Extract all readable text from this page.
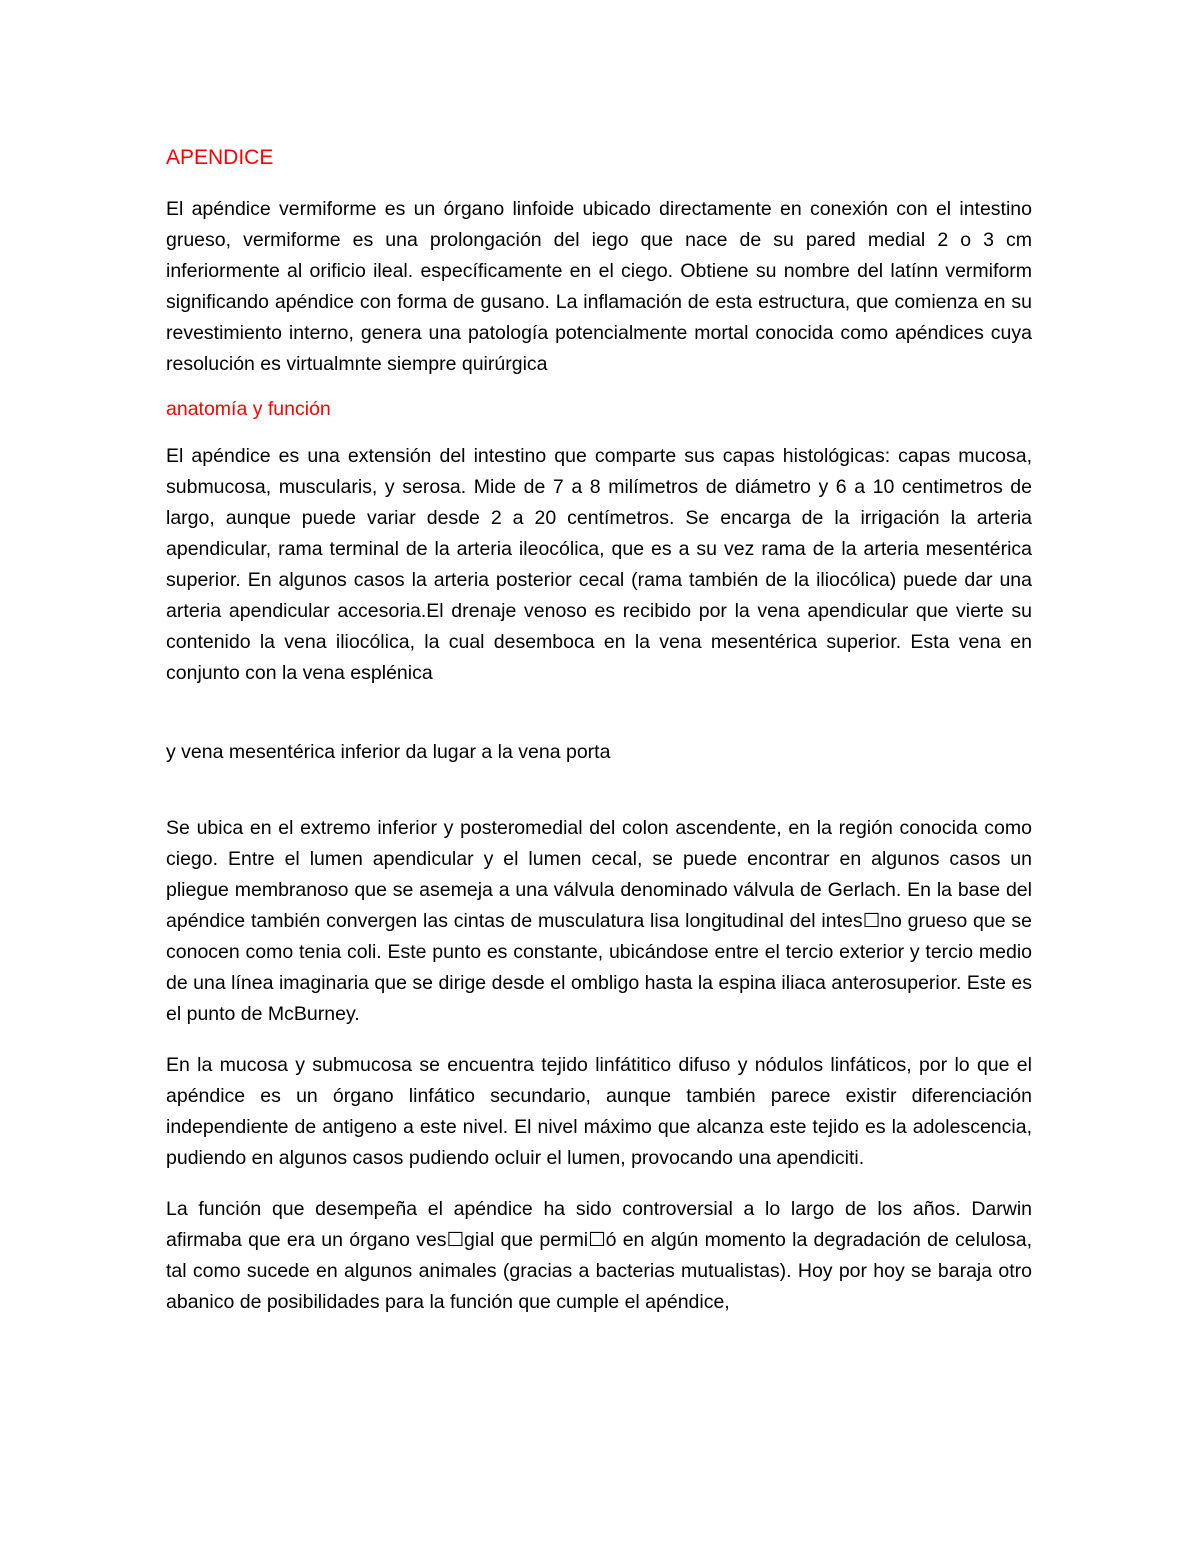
APENDICE

El apéndice vermiforme es un órgano linfoide ubicado directamente en conexión con el intestino grueso, vermiforme es una prolongación del iego que nace de su pared medial 2 o 3 cm inferiormente al orificio ileal. específicamente en el ciego. Obtiene su nombre del latínn vermiform significando apéndice con forma de gusano. La inflamación de esta estructura, que comienza en su revestimiento interno, genera una patología potencialmente mortal conocida como apéndices cuya resolución es virtualmnte siempre quirúrgica

anatomía y función

El apéndice es una extensión del intestino que comparte sus capas histológicas: capas mucosa, submucosa, muscularis, y serosa. Mide de 7 a 8 milímetros de diámetro y 6 a 10 centimetros de largo, aunque puede variar desde 2 a 20 centímetros. Se encarga de la irrigación la arteria apendicular, rama terminal de la arteria ileocólica, que es a su vez rama de la arteria mesentérica superior. En algunos casos la arteria posterior cecal (rama también de la iliocólica) puede dar una arteria apendicular accesoria.El drenaje venoso es recibido por la vena apendicular que vierte su contenido la vena iliocólica, la cual desemboca en la vena mesentérica superior. Esta vena en conjunto con la vena esplénica

y vena mesentérica inferior da lugar a la vena porta

Se ubica en el extremo inferior y posteromedial del colon ascendente, en la región conocida como ciego. Entre el lumen apendicular y el lumen cecal, se puede encontrar en algunos casos un pliegue membranoso que se asemeja a una válvula denominado válvula de Gerlach. En la base del apéndice también convergen las cintas de musculatura lisa longitudinal del intes☐no grueso que se conocen como tenia coli. Este punto es constante, ubicándose entre el tercio exterior y tercio medio de una línea imaginaria que se dirige desde el ombligo hasta la espina iliaca anterosuperior. Este es el punto de McBurney.

En la mucosa y submucosa se encuentra tejido linfátitico difuso y nódulos linfáticos, por lo que el apéndice es un órgano linfático secundario, aunque también parece existir diferenciación independiente de antigeno a este nivel. El nivel máximo que alcanza este tejido es la adolescencia, pudiendo en algunos casos pudiendo ocluir el lumen, provocando una apendiciti.

La función que desempeña el apéndice ha sido controversial a lo largo de los años. Darwin afirmaba que era un órgano ves☐gial que permi☐ó en algún momento la degradación de celulosa, tal como sucede en algunos animales (gracias a bacterias mutualistas). Hoy por hoy se baraja otro abanico de posibilidades para la función que cumple el apéndice,
